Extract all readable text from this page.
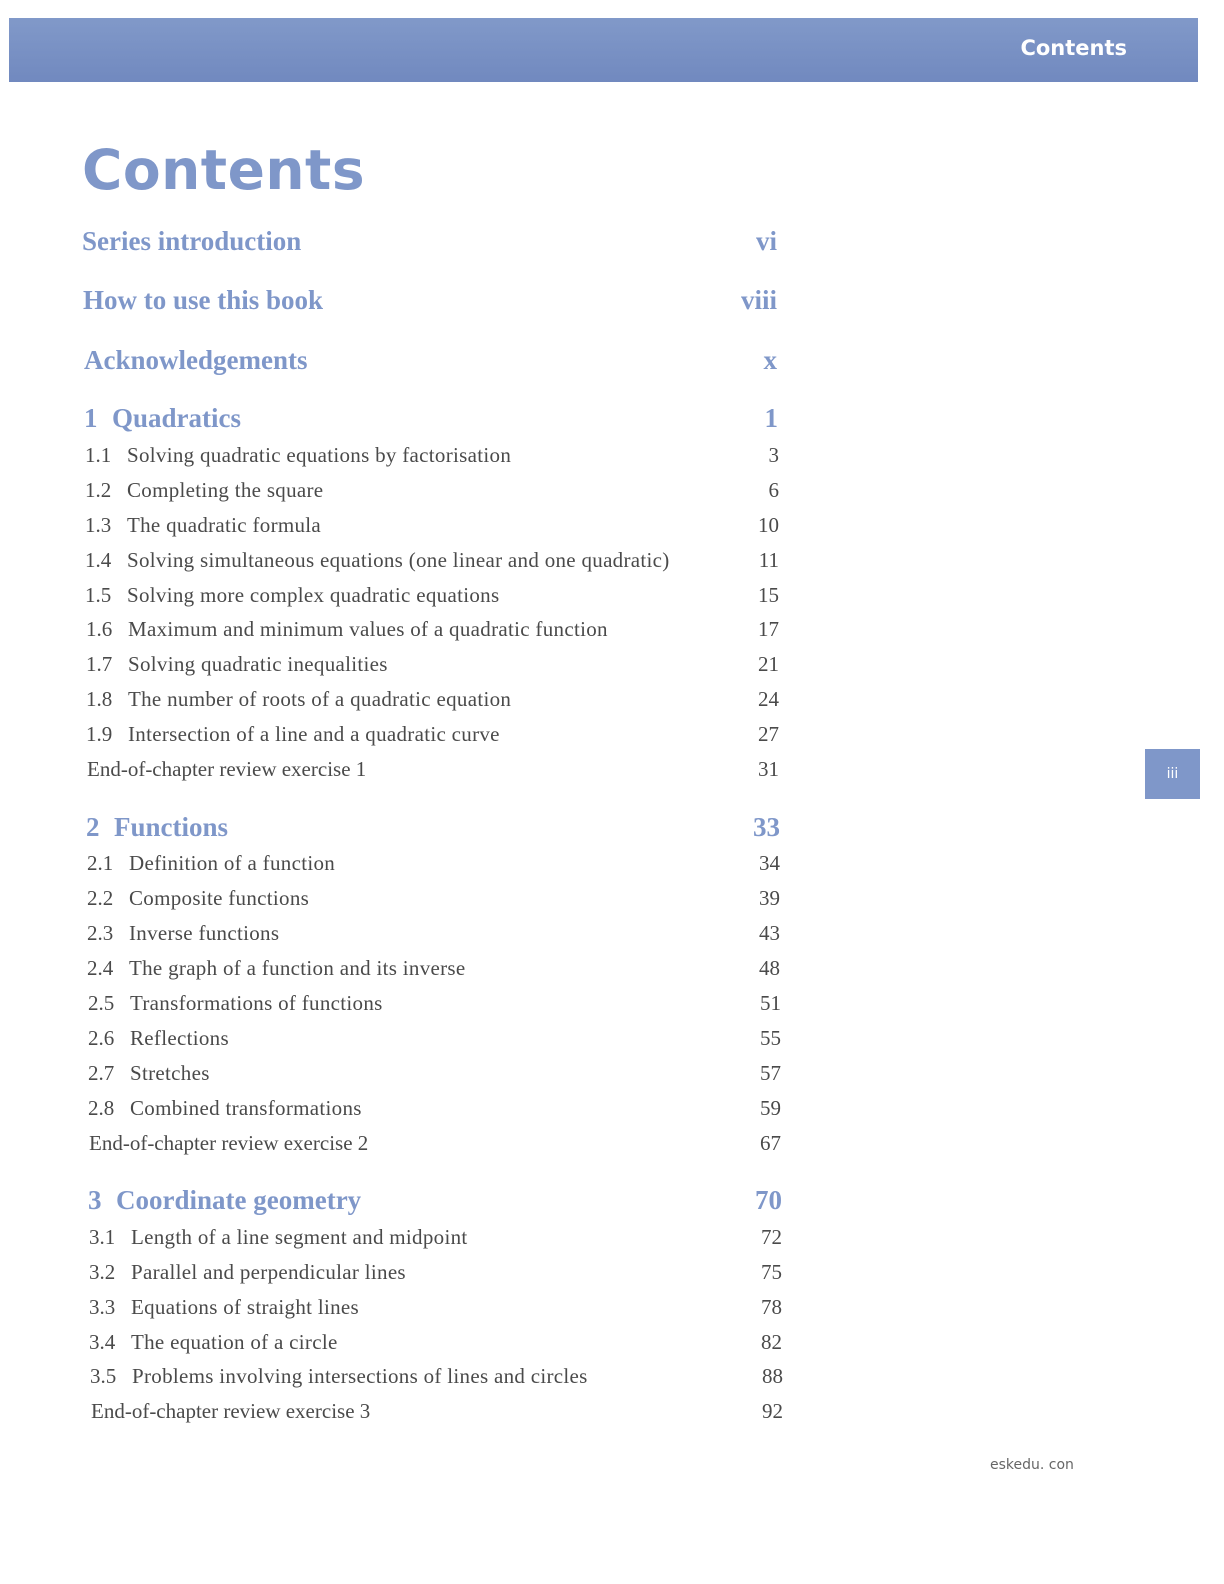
Contents
Contents
Series introduction	vi
How to use this book	viii
Acknowledgements	x
1 Quadratics	1
1.1 Solving quadratic equations by factorisation	3
1.2 Completing the square	6
1.3 The quadratic formula	10
1.4 Solving simultaneous equations (one linear and one quadratic)	11
1.5 Solving more complex quadratic equations	15
1.6 Maximum and minimum values of a quadratic function	17
1.7 Solving quadratic inequalities	21
1.8 The number of roots of a quadratic equation	24
1.9 Intersection of a line and a quadratic curve	27
End-of-chapter review exercise 1	31
2 Functions	33
2.1 Definition of a function	34
2.2 Composite functions	39
2.3 Inverse functions	43
2.4 The graph of a function and its inverse	48
2.5 Transformations of functions	51
2.6 Reflections	55
2.7 Stretches	57
2.8 Combined transformations	59
End-of-chapter review exercise 2	67
3 Coordinate geometry	70
3.1 Length of a line segment and midpoint	72
3.2 Parallel and perpendicular lines	75
3.3 Equations of straight lines	78
3.4 The equation of a circle	82
3.5 Problems involving intersections of lines and circles	88
End-of-chapter review exercise 3	92
iii
eskedu. con
